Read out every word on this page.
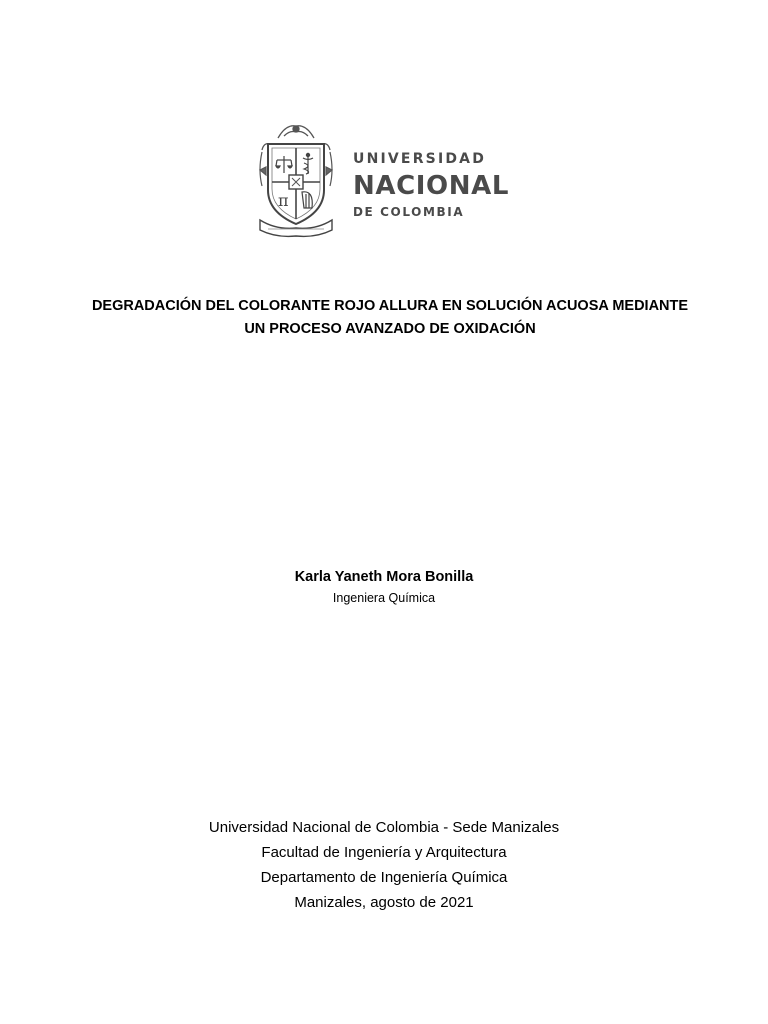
π
UNIVERSIDAD
NACIONAL
DE COLOMBIA
DEGRADACIÓN DEL COLORANTE ROJO ALLURA EN SOLUCIÓN ACUOSA MEDIANTE
UN PROCESO AVANZADO DE OXIDACIÓN
Karla Yaneth Mora Bonilla
Ingeniera Química
Universidad Nacional de Colombia - Sede Manizales
Facultad de Ingeniería y Arquitectura
Departamento de Ingeniería Química
Manizales, agosto de 2021
